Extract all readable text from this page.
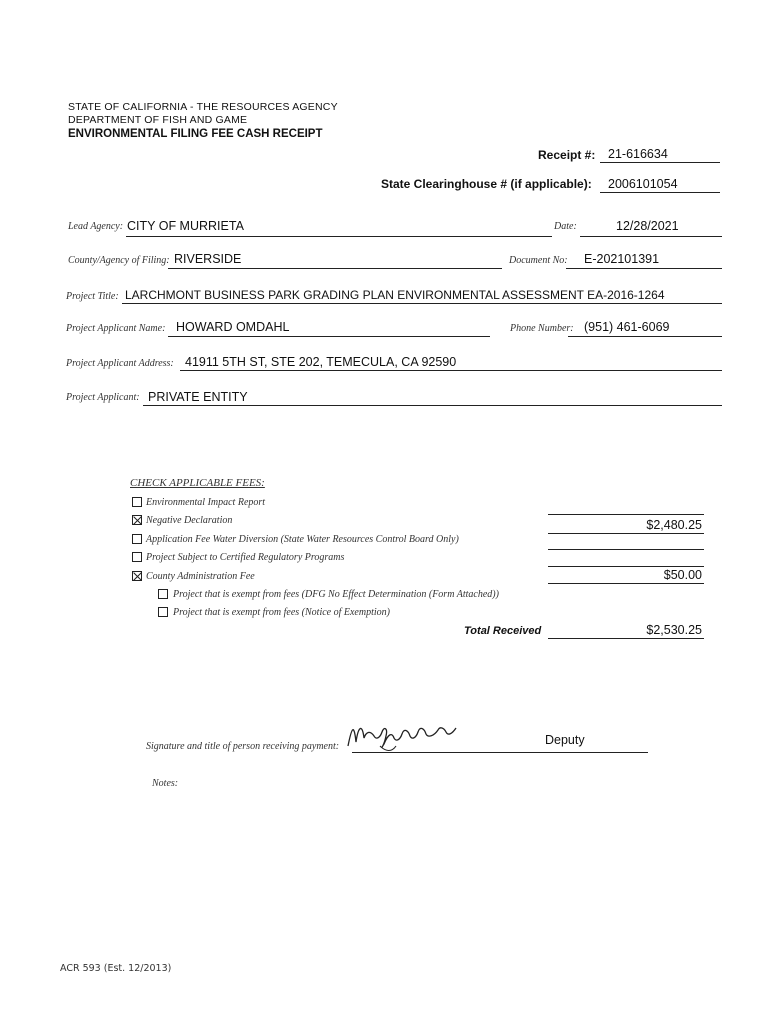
STATE OF CALIFORNIA - THE RESOURCES AGENCY
DEPARTMENT OF FISH AND GAME
ENVIRONMENTAL FILING FEE CASH RECEIPT
Receipt #: 21-616634
State Clearinghouse # (if applicable): 2006101054
Lead Agency: CITY OF MURRIETA	Date:	12/28/2021
County/Agency of Filing: RIVERSIDE	Document No: E-202101391
Project Title: LARCHMONT BUSINESS PARK GRADING PLAN ENVIRONMENTAL ASSESSMENT EA-2016-1264
Project Applicant Name: HOWARD OMDAHL	Phone Number: (951) 461-6069
Project Applicant Address: 41911 5TH ST, STE 202, TEMECULA, CA 92590
Project Applicant: PRIVATE ENTITY
CHECK APPLICABLE FEES:
Environmental Impact Report
Negative Declaration	$2,480.25
Application Fee Water Diversion (State Water Resources Control Board Only)
Project Subject to Certified Regulatory Programs
County Administration Fee	$50.00
Project that is exempt from fees (DFG No Effect Determination (Form Attached))
Project that is exempt from fees (Notice of Exemption)
Total Received	$2,530.25
Signature and title of person receiving payment:	Deputy
Notes:
ACR 593 (Est. 12/2013)
